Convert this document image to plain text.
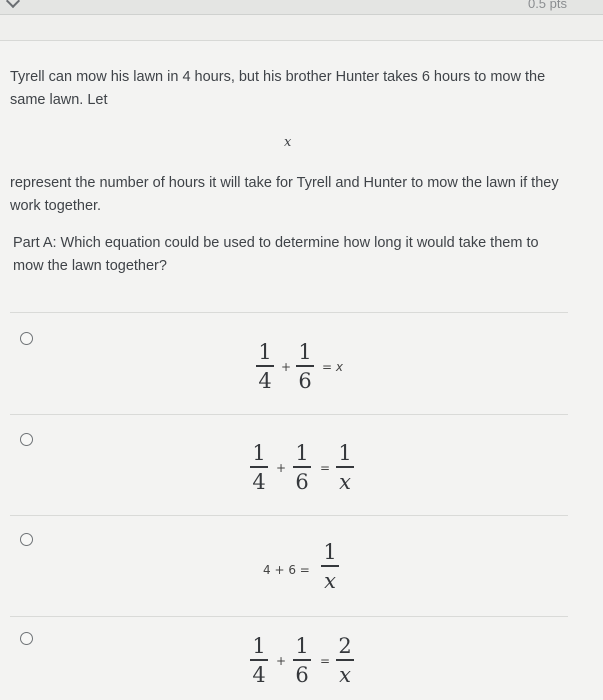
0.5 pts
Tyrell can mow his lawn in 4 hours, but his brother Hunter takes 6 hours to mow the same lawn. Let
x
represent the number of hours it will take for Tyrell and Hunter to mow the lawn if they work together.
Part A: Which equation could be used to determine how long it would take them to mow the lawn together?
1
4
+
1
6
= x
1
4
+
1
6
=
1
x
4 + 6 =
1
x
1
4
+
1
6
=
2
x
